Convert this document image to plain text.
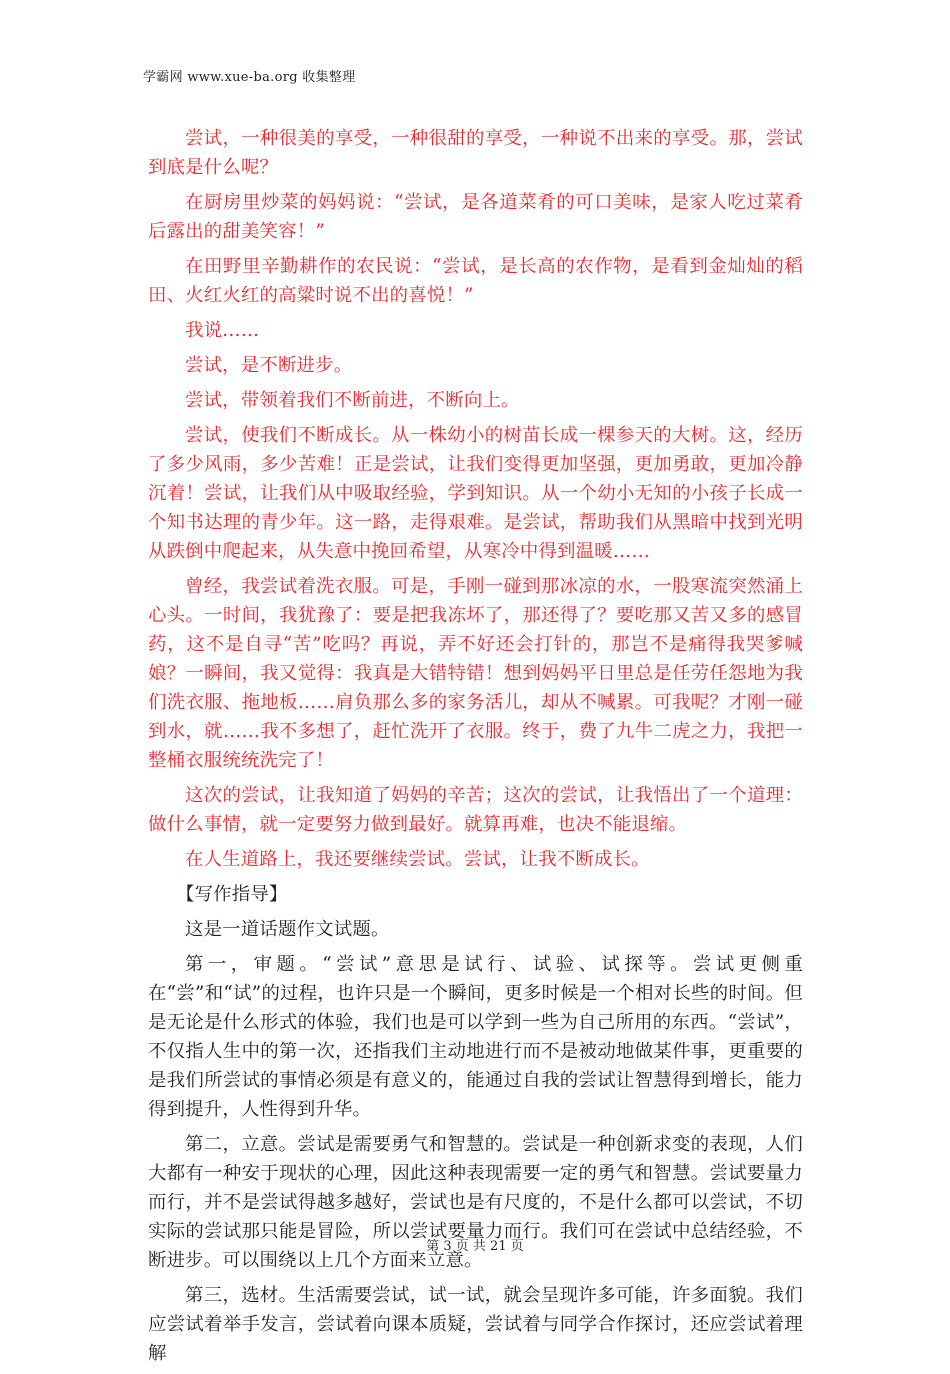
学霸网 www.xue-ba.org 收集整理

尝试，一种很美的享受，一种很甜的享受，一种说不出来的享受。那，尝试到底是什么呢？

在厨房里炒菜的妈妈说：“尝试，是各道菜肴的可口美味，是家人吃过菜肴后露出的甜美笑容！”

在田野里辛勤耕作的农民说：“尝试，是长高的农作物，是看到金灿灿的稻田、火红火红的高粱时说不出的喜悦！”

我说……

尝试，是不断进步。

尝试，带领着我们不断前进，不断向上。

尝试，使我们不断成长。从一株幼小的树苗长成一棵参天的大树。这，经历了多少风雨，多少苦难！正是尝试，让我们变得更加坚强，更加勇敢，更加冷静沉着！尝试，让我们从中吸取经验，学到知识。从一个幼小无知的小孩子长成一个知书达理的青少年。这一路，走得艰难。是尝试，帮助我们从黑暗中找到光明从跌倒中爬起来，从失意中挽回希望，从寒冷中得到温暖……

曾经，我尝试着洗衣服。可是，手刚一碰到那冰凉的水，一股寒流突然涌上心头。一时间，我犹豫了：要是把我冻坏了，那还得了？要吃那又苦又多的感冒药，这不是自寻“苦”吃吗？再说，弄不好还会打针的，那岂不是痛得我哭爹喊娘？一瞬间，我又觉得：我真是大错特错！想到妈妈平日里总是任劳任怨地为我们洗衣服、拖地板……肩负那么多的家务活儿，却从不喊累。可我呢？才刚一碰到水，就……我不多想了，赶忙洗开了衣服。终于，费了九牛二虎之力，我把一整桶衣服统统洗完了！

这次的尝试，让我知道了妈妈的辛苦；这次的尝试，让我悟出了一个道理：做什么事情，就一定要努力做到最好。就算再难，也决不能退缩。

在人生道路上，我还要继续尝试。尝试，让我不断成长。

【写作指导】

这是一道话题作文试题。

第一，审题。“尝试”意思是试行、试验、试探等。尝试更侧重在“尝”和“试”的过程，也许只是一个瞬间，更多时候是一个相对长些的时间。但是无论是什么形式的体验，我们也是可以学到一些为自己所用的东西。“尝试”，不仅指人生中的第一次，还指我们主动地进行而不是被动地做某件事，更重要的是我们所尝试的事情必须是有意义的，能通过自我的尝试让智慧得到增长，能力得到提升，人性得到升华。

第二，立意。尝试是需要勇气和智慧的。尝试是一种创新求变的表现，人们大都有一种安于现状的心理，因此这种表现需要一定的勇气和智慧。尝试要量力而行，并不是尝试得越多越好，尝试也是有尺度的，不是什么都可以尝试，不切实际的尝试那只能是冒险，所以尝试要量力而行。我们可在尝试中总结经验，不断进步。可以围绕以上几个方面来立意。

第三，选材。生活需要尝试，试一试，就会呈现许多可能，许多面貌。我们应尝试着举手发言，尝试着向课本质疑，尝试着与同学合作探讨，还应尝试着理解

第 3 页 共 21 页
